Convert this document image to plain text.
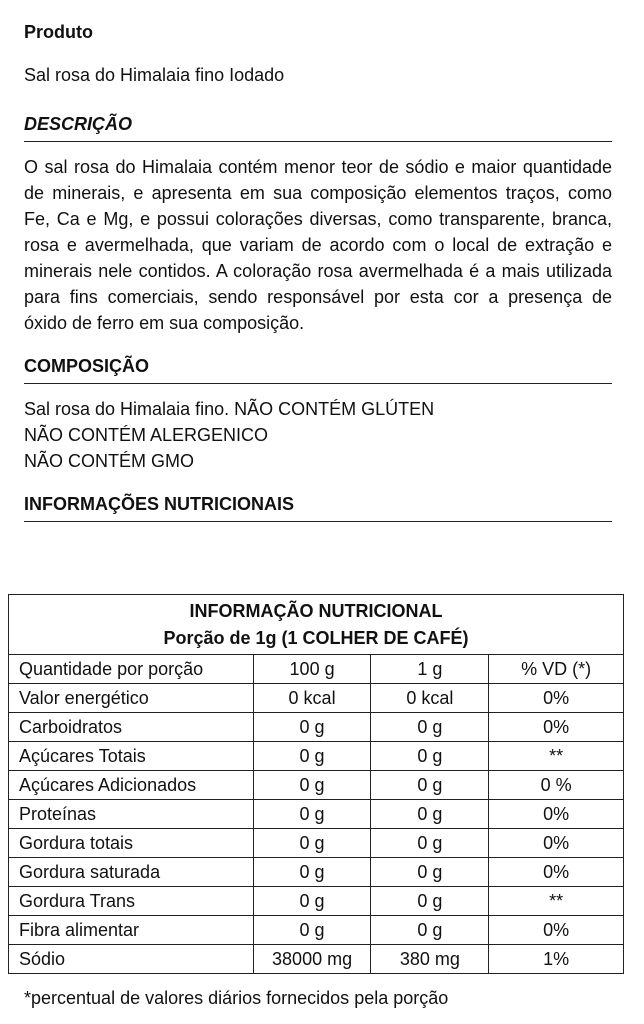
Produto
Sal rosa do Himalaia fino Iodado
DESCRIÇÃO
O sal rosa do Himalaia contém menor teor de sódio e maior quantidade de minerais, e apresenta em sua composição elementos traços, como Fe, Ca e Mg, e possui colorações diversas, como transparente, branca, rosa e avermelhada, que variam de acordo com o local de extração e minerais nele contidos. A coloração rosa avermelhada é a mais utilizada para fins comerciais, sendo responsável por esta cor a presença de óxido de ferro em sua composição.
COMPOSIÇÃO
Sal rosa do Himalaia fino. NÃO CONTÉM GLÚTEN
NÃO CONTÉM ALERGENICO
NÃO CONTÉM GMO
INFORMAÇÕES NUTRICIONAIS
INFORMAÇÃO NUTRICIONAL
Porção de 1g (1 COLHER DE CAFÉ)			

Quantidade por porção	100 g	1 g	% VD (*)
Valor energético	0 kcal	0 kcal	0%
Carboidratos	0 g	0 g	0%
Açúcares Totais	0 g	0 g	**
Açúcares Adicionados	0 g	0 g	0 %
Proteínas	0 g	0 g	0%
Gordura totais	0 g	0 g	0%
Gordura saturada	0 g	0 g	0%
Gordura Trans	0 g	0 g	**
Fibra alimentar	0 g	0 g	0%
Sódio	38000 mg	380 mg	1%
*percentual de valores diários fornecidos pela porção
